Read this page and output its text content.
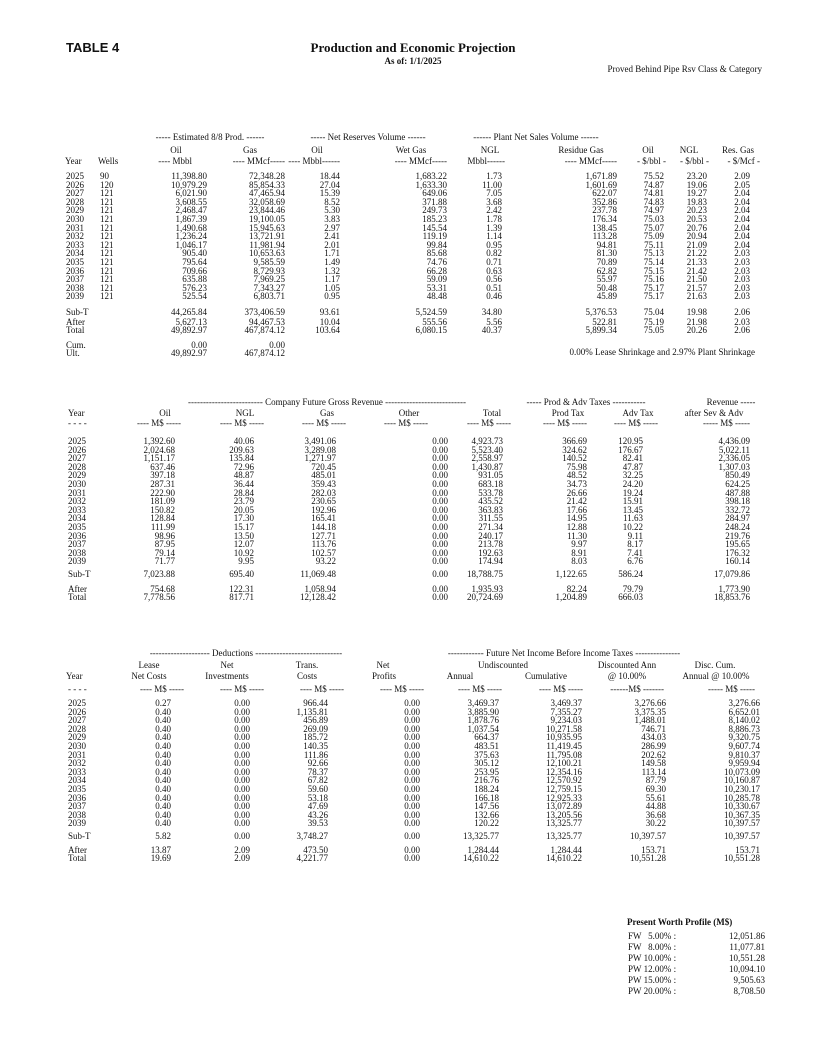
TABLE 4	Production and Economic Projection
As of: 1/1/2025
Proved Behind Pipe Rsv Class & Category
----- Estimated 8/8 Prod. ------	----- Net Reserves Volume ------	------ Plant Net Sales Volume ------
Oil	Gas	Oil	Wet Gas	NGL	Residue Gas	Oil	NGL	Res. Gas
Year Wells	---- Mbbl	---- MMcf----- ---- Mbbl------	---- MMcf-----	Mbbl------	---- MMcf-----	- $/bbl -	- $/bbl -	- $/Mcf -
2025 90	11,398.80	72,348.28	18.44	1,683.22	1.73	1,671.89	75.52	23.20	2.09
2026 120	10,979.29	85,854.33	27.04	1,633.30	11.00	1,601.69	74.87	19.06	2.05
2027 121	6,021.90	47,465.94	15.39	649.06	7.05	622.07	74.81	19.27	2.04
2028 121	3,608.55	32,058.69	8.52	371.88	3.68	352.86	74.83	19.83	2.04
2029 121	2,468.47	23,844.46	5.30	249.73	2.42	237.78	74.97	20.23	2.04
2030 121	1,867.39	19,100.05	3.83	185.23	1.78	176.34	75.03	20.53	2.04
2031 121	1,490.68	15,945.63	2.97	145.54	1.39	138.45	75.07	20.76	2.04
2032 121	1,236.24	13,721.91	2.41	119.19	1.14	113.28	75.09	20.94	2.04
2033 121	1,046.17	11,981.94	2.01	99.84	0.95	94.81	75.11	21.09	2.04
2034 121	905.40	10,653.63	1.71	85.68	0.82	81.30	75.13	21.22	2.03
2035 121	795.64	9,585.59	1.49	74.76	0.71	70.89	75.14	21.33	2.03
2036 121	709.66	8,729.93	1.32	66.28	0.63	62.82	75.15	21.42	2.03
2037 121	635.88	7,969.25	1.17	59.09	0.56	55.97	75.16	21.50	2.03
2038 121	576.23	7,343.27	1.05	53.31	0.51	50.48	75.17	21.57	2.03
2039 121	525.54	6,803.71	0.95	48.48	0.46	45.89	75.17	21.63	2.03
Sub-T	44,265.84	373,406.59	93.61	5,524.59	34.80	5,376.53	75.04	19.98	2.06
After	5,627.13	94,467.53	10.04	555.56	5.56	522.81	75.19	21.98	2.03
Total	49,892.97	467,874.12	103.64	6,080.15	40.37	5,899.34	75.05	20.26	2.06
Cum.	0.00	0.00
Ult.	49,892.97	467,874.12	0.00% Lease Shrinkage and 2.97% Plant Shrinkage
------------------------- Company Future Gross Revenue ---------------------------	----- Prod & Adv Taxes -----------	Revenue -----
Year	Oil	NGL	Gas	Other	Total	Prod Tax	Adv Tax	after Sev & Adv
- - - -	---- M$ -----	---- M$ -----	---- M$ -----	---- M$ -----	---- M$ -----	---- M$ -----	---- M$ -----	----- M$ -----
2025	1,392.60	40.06	3,491.06	0.00	4,923.73	366.69	120.95	4,436.09
2026	2,024.68	209.63	3,289.08	0.00	5,523.40	324.62	176.67	5,022.11
2027	1,151.17	135.84	1,271.97	0.00	2,558.97	140.52	82.41	2,336.05
2028	637.46	72.96	720.45	0.00	1,430.87	75.98	47.87	1,307.03
2029	397.18	48.87	485.01	0.00	931.05	48.52	32.25	850.49
2030	287.31	36.44	359.43	0.00	683.18	34.73	24.20	624.25
2031	222.90	28.84	282.03	0.00	533.78	26.66	19.24	487.88
2032	181.09	23.79	230.65	0.00	435.52	21.42	15.91	398.18
2033	150.82	20.05	192.96	0.00	363.83	17.66	13.45	332.72
2034	128.84	17.30	165.41	0.00	311.55	14.95	11.63	284.97
2035	111.99	15.17	144.18	0.00	271.34	12.88	10.22	248.24
2036	98.96	13.50	127.71	0.00	240.17	11.30	9.11	219.76
2037	87.95	12.07	113.76	0.00	213.78	9.97	8.17	195.65
2038	79.14	10.92	102.57	0.00	192.63	8.91	7.41	176.32
2039	71.77	9.95	93.22	0.00	174.94	8.03	6.76	160.14
Sub-T	7,023.88	695.40	11,069.48	0.00	18,788.75	1,122.65	586.24	17,079.86
After	754.68	122.31	1,058.94	0.00	1,935.93	82.24	79.79	1,773.90
Total	7,778.56	817.71	12,128.42	0.00	20,724.69	1,204.89	666.03	18,853.76
-------------------- Deductions -----------------------------	------------ Future Net Income Before Income Taxes ---------------
Lease	Net	Trans.	Net	Undiscounted	Discounted Ann	Disc. Cum.
Year	Net Costs	Investments	Costs	Profits	Annual	Cumulative	@ 10.00%	Annual @ 10.00%
- - - -	---- M$ -----	---- M$ -----	---- M$ -----	---- M$ -----	---- M$ -----	---- M$ -----	------M$ -------	----- M$ -----
2025	0.27	0.00	966.44	0.00	3,469.37	3,469.37	3,276.66	3,276.66
2026	0.40	0.00	1,135.81	0.00	3,885.90	7,355.27	3,375.35	6,652.01
2027	0.40	0.00	456.89	0.00	1,878.76	9,234.03	1,488.01	8,140.02
2028	0.40	0.00	269.09	0.00	1,037.54	10,271.58	746.71	8,886.73
2029	0.40	0.00	185.72	0.00	664.37	10,935.95	434.03	9,320.75
2030	0.40	0.00	140.35	0.00	483.51	11,419.45	286.99	9,607.74
2031	0.40	0.00	111.86	0.00	375.63	11,795.08	202.62	9,810.37
2032	0.40	0.00	92.66	0.00	305.12	12,100.21	149.58	9,959.94
2033	0.40	0.00	78.37	0.00	253.95	12,354.16	113.14	10,073.09
2034	0.40	0.00	67.82	0.00	216.76	12,570.92	87.79	10,160.87
2035	0.40	0.00	59.60	0.00	188.24	12,759.15	69.30	10,230.17
2036	0.40	0.00	53.18	0.00	166.18	12,925.33	55.61	10,285.78
2037	0.40	0.00	47.69	0.00	147.56	13,072.89	44.88	10,330.67
2038	0.40	0.00	43.26	0.00	132.66	13,205.56	36.68	10,367.35
2039	0.40	0.00	39.53	0.00	120.22	13,325.77	30.22	10,397.57
Sub-T	5.82	0.00	3,748.27	0.00	13,325.77	13,325.77	10,397.57	10,397.57
After	13.87	2.09	473.50	0.00	1,284.44	1,284.44	153.71	153.71
Total	19.69	2.09	4,221.77	0.00	14,610.22	14,610.22	10,551.28	10,551.28
Present Worth Profile (M$)
FW   5.00% :	12,051.86
FW   8.00% :	11,077.81
PW 10.00% :	10,551.28
PW 12.00% :	10,094.10
PW 15.00% :	9,505.63
PW 20.00% :	8,708.50
